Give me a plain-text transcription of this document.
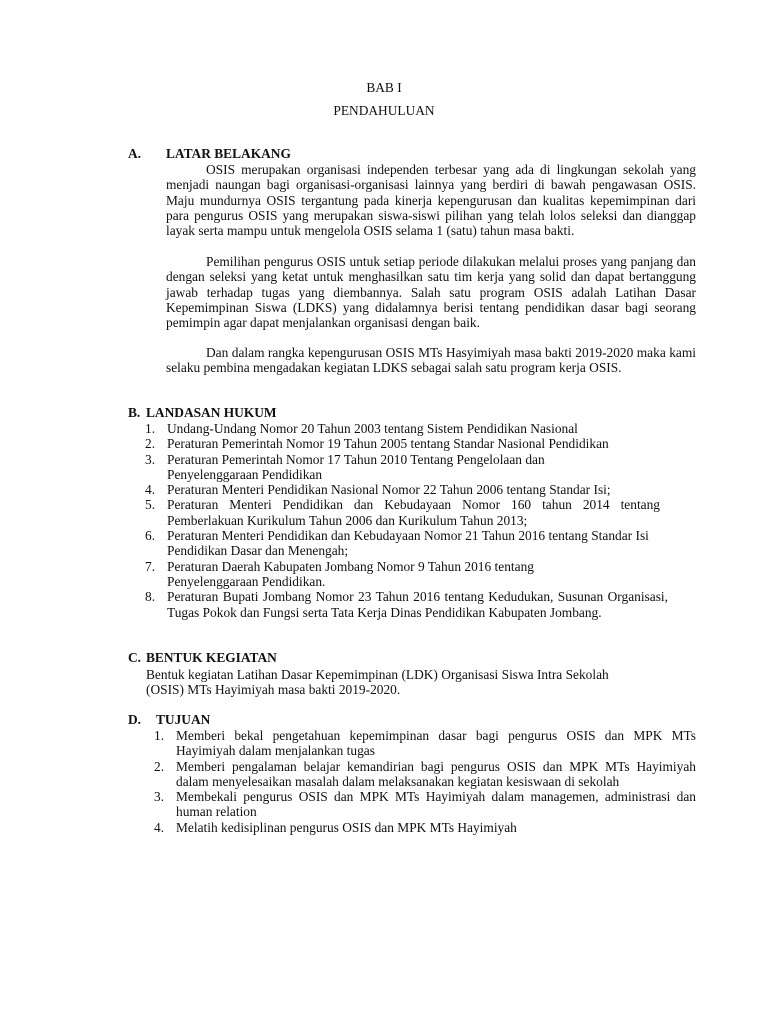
BAB I
PENDAHULUAN
A. LATAR BELAKANG

OSIS merupakan organisasi independen terbesar yang ada di lingkungan sekolah yang menjadi naungan bagi organisasi-organisasi lainnya yang berdiri di bawah pengawasan OSIS. Maju mundurnya OSIS tergantung pada kinerja kepengurusan dan kualitas kepemimpinan dari para pengurus OSIS yang merupakan siswa-siswi pilihan yang telah lolos seleksi dan dianggap layak serta mampu untuk mengelola OSIS selama 1 (satu) tahun masa bakti.

Pemilihan pengurus OSIS untuk setiap periode dilakukan melalui proses yang panjang dan dengan seleksi yang ketat untuk menghasilkan satu tim kerja yang solid dan dapat bertanggung jawab terhadap tugas yang diembannya. Salah satu program OSIS adalah Latihan Dasar Kepemimpinan Siswa (LDKS) yang didalamnya berisi tentang pendidikan dasar bagi seorang pemimpin agar dapat menjalankan organisasi dengan baik.

Dan dalam rangka kepengurusan OSIS MTs Hasyimiyah masa bakti 2019-2020 maka kami selaku pembina mengadakan kegiatan LDKS sebagai salah satu program kerja OSIS.

B. LANDASAN HUKUM
1. Undang-Undang Nomor 20 Tahun 2003 tentang Sistem Pendidikan Nasional
2. Peraturan Pemerintah Nomor 19 Tahun 2005 tentang Standar Nasional Pendidikan
3. Peraturan Pemerintah Nomor 17 Tahun 2010 Tentang Pengelolaan dan Penyelenggaraan Pendidikan
4. Peraturan Menteri Pendidikan Nasional Nomor 22 Tahun 2006 tentang Standar Isi;
5. Peraturan Menteri Pendidikan dan Kebudayaan Nomor 160 tahun 2014 tentang Pemberlakuan Kurikulum Tahun 2006 dan Kurikulum Tahun 2013;
6. Peraturan Menteri Pendidikan dan Kebudayaan Nomor 21 Tahun 2016 tentang Standar Isi Pendidikan Dasar dan Menengah;
7. Peraturan Daerah Kabupaten Jombang Nomor 9 Tahun 2016 tentang Penyelenggaraan Pendidikan.
8. Peraturan Bupati Jombang Nomor 23 Tahun 2016 tentang Kedudukan, Susunan Organisasi, Tugas Pokok dan Fungsi serta Tata Kerja Dinas Pendidikan Kabupaten Jombang.
C. BENTUK KEGIATAN

Bentuk kegiatan Latihan Dasar Kepemimpinan (LDK) Organisasi Siswa Intra Sekolah (OSIS) MTs Hayimiyah masa bakti 2019-2020.

D. TUJUAN
1. Memberi bekal pengetahuan kepemimpinan dasar bagi pengurus OSIS dan MPK MTs Hayimiyah dalam menjalankan tugas
2. Memberi pengalaman belajar kemandirian bagi pengurus OSIS dan MPK MTs Hayimiyah dalam menyelesaikan masalah dalam melaksanakan kegiatan kesiswaan di sekolah
3. Membekali pengurus OSIS dan MPK MTs Hayimiyah dalam managemen, administrasi dan human relation
4. Melatih kedisiplinan pengurus OSIS dan MPK MTs Hayimiyah
